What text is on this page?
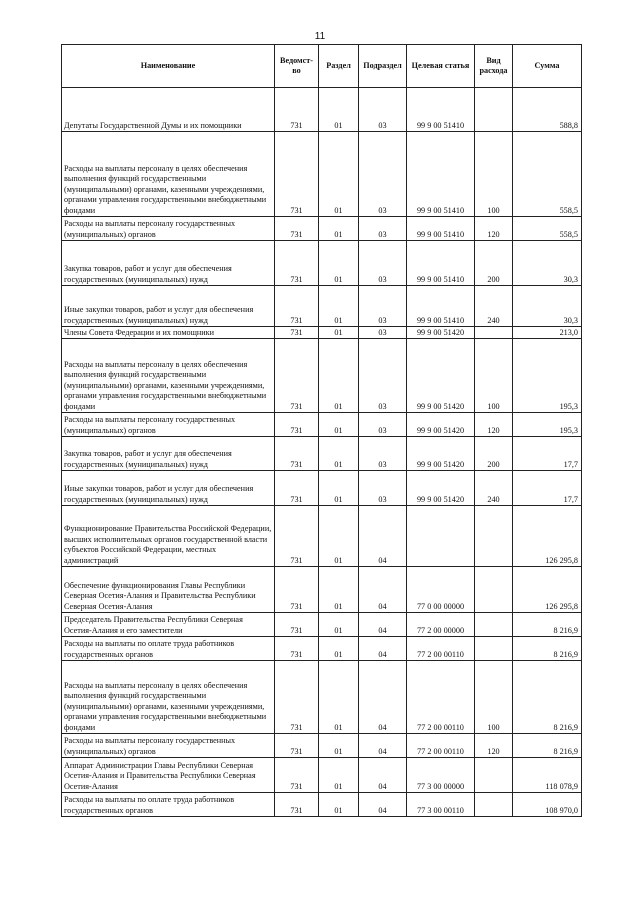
11
Наименование	Ведомст-во	Раздел	Подраздел	Целевая статья	Вид расхода	Сумма
Депутаты Государственной Думы и их помощники	731	01	03	99 9 00 51410		588,8
Расходы на выплаты персоналу в целях обеспечения выполнения функций государственными (муниципальными) органами, казенными учреждениями, органами управления государственными внебюджетными фондами	731	01	03	99 9 00 51410	100	558,5
Расходы на выплаты персоналу государственных (муниципальных) органов	731	01	03	99 9 00 51410	120	558,5
Закупка товаров, работ и услуг для обеспечения государственных (муниципальных) нужд	731	01	03	99 9 00 51410	200	30,3
Иные закупки товаров, работ и услуг для обеспечения государственных (муниципальных) нужд	731	01	03	99 9 00 51410	240	30,3
Члены Совета Федерации и их помощники	731	01	03	99 9 00 51420		213,0
Расходы на выплаты персоналу в целях обеспечения выполнения функций государственными (муниципальными) органами, казенными учреждениями, органами управления государственными внебюджетными фондами	731	01	03	99 9 00 51420	100	195,3
Расходы на выплаты персоналу государственных (муниципальных) органов	731	01	03	99 9 00 51420	120	195,3
Закупка товаров, работ и услуг для обеспечения государственных (муниципальных) нужд	731	01	03	99 9 00 51420	200	17,7
Иные закупки товаров, работ и услуг для обеспечения государственных (муниципальных) нужд	731	01	03	99 9 00 51420	240	17,7
Функционирование Правительства Российской Федерации, высших исполнительных органов государственной власти субъектов Российской Федерации, местных администраций	731	01	04			126 295,8
Обеспечение функционирования Главы Республики Северная Осетия-Алания и Правительства Республики Северная Осетия-Алания	731	01	04	77 0 00 00000		126 295,8
Председатель Правительства Республики Северная Осетия-Алания и его заместители	731	01	04	77 2 00 00000		8 216,9
Расходы на выплаты по оплате труда работников государственных органов	731	01	04	77 2 00 00110		8 216,9
Расходы на выплаты персоналу в целях обеспечения выполнения функций государственными (муниципальными) органами, казенными учреждениями, органами управления государственными внебюджетными фондами	731	01	04	77 2 00 00110	100	8 216,9
Расходы на выплаты персоналу государственных (муниципальных) органов	731	01	04	77 2 00 00110	120	8 216,9
Аппарат Администрации Главы Республики Северная Осетия-Алания и Правительства Республики Северная Осетия-Алания	731	01	04	77 3 00 00000		118 078,9
Расходы на выплаты по оплате труда работников государственных органов	731	01	04	77 3 00 00110		108 970,0
